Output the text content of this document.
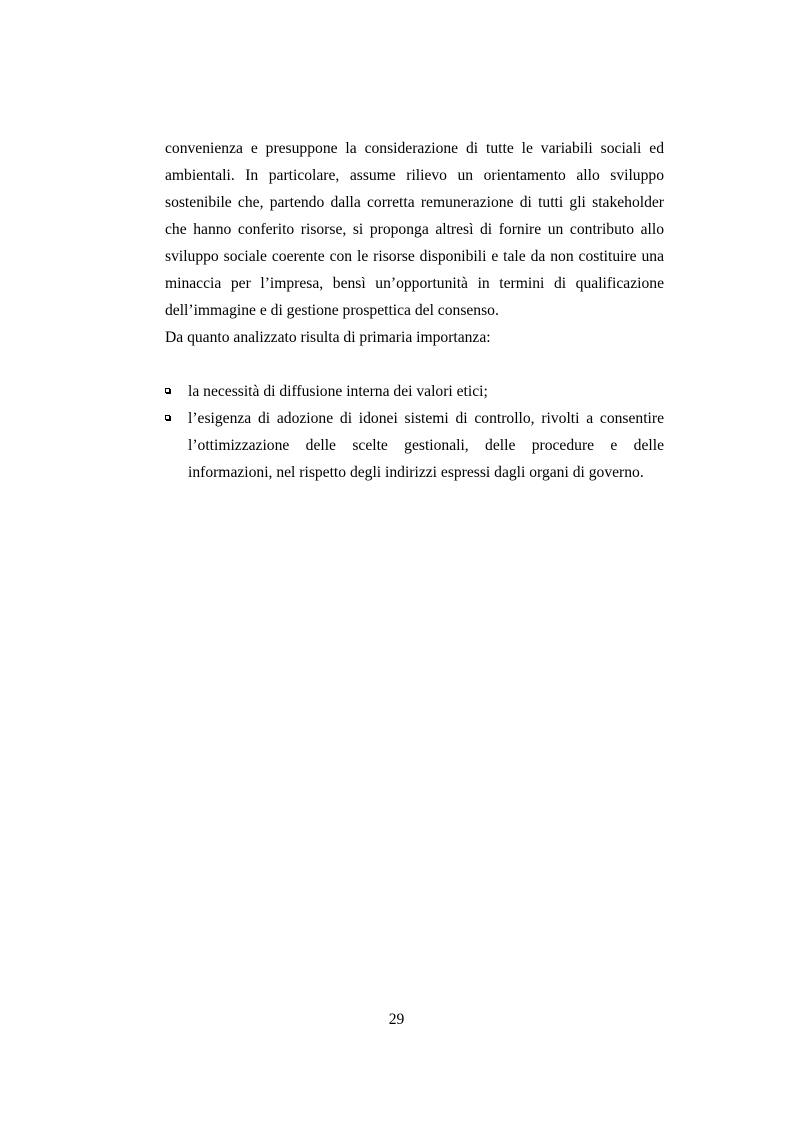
convenienza e presuppone la considerazione di tutte le variabili sociali ed
ambientali. In particolare, assume rilievo un orientamento allo sviluppo
sostenibile che, partendo dalla corretta remunerazione di tutti gli stakeholder
che hanno conferito risorse, si proponga altresì di fornire un contributo allo
sviluppo sociale coerente con le risorse disponibili e tale da non costituire una
minaccia per l’impresa, bensì un’opportunità in termini di qualificazione
dell’immagine e di gestione prospettica del consenso.
Da quanto analizzato risulta di primaria importanza:
la necessità di diffusione interna dei valori etici;
l’esigenza di adozione di idonei sistemi di controllo, rivolti a consentire
l’ottimizzazione delle scelte gestionali, delle procedure e delle
informazioni, nel rispetto degli indirizzi espressi dagli organi di governo.
29
